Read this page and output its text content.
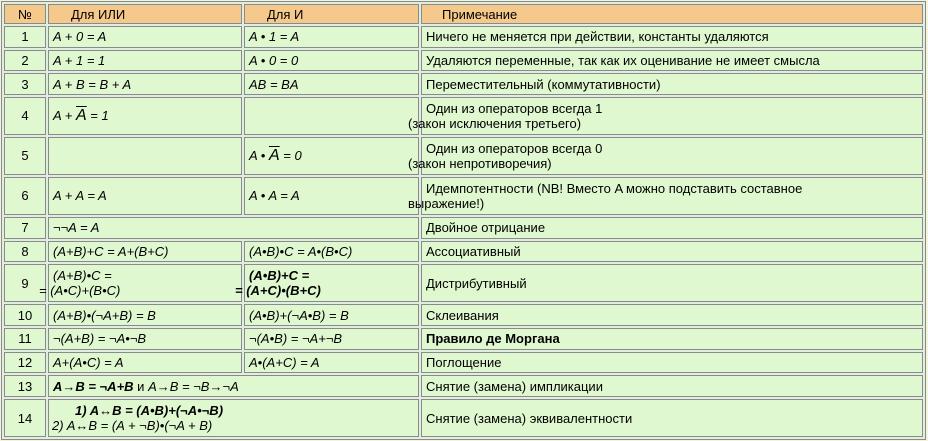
№	Для ИЛИ	Для И	Примечание
1	A + 0 = A	A • 1 = A	Ничего не меняется при действии, константы удаляются
2	A + 1 = 1	A • 0 = 0	Удаляются переменные, так как их оценивание не имеет смысла
3	A + B = B + A	AB = BA	Переместительный (коммутативности)
4	$A + \overline{A} = 1$		Один из операторов всегда 1
(закон исключения третьего)

5		A • $\overline{A} = 0$	Один из операторов всегда 0
(закон непротиворечия)

6	A + A = A	A • A = A	Идемпотентности (NB! Вместо A можно подставить составное
выражение!)

7	¬¬A = A		Двойное отрицание
8	(A+B)+C = A+(B+C)	(A•B)•C = A•(B•C)	Ассоциативный
9	(A+B)•C =
= (A•C)+(B•C)	(A•B)+C =
= (A+C)•(B+C)	Дистрибутивный
10	(A+B)•(¬A+B) = B	(A•B)+(¬A•B) = B	Склеивания
11	¬(A+B) = ¬A•¬B	¬(A•B) = ¬A+¬B	Правило де Моргана
12	A+(A•C) = A	A•(A+C) = A	Поглощение
13	A→B = ¬A+B и A→B = ¬B→¬A		Снятие (замена) импликации
14	1) A↔B = (A•B)+(¬A•¬B)
2) A↔B = (A + ¬B)•(¬A + B)		Снятие (замена) эквивалентности
